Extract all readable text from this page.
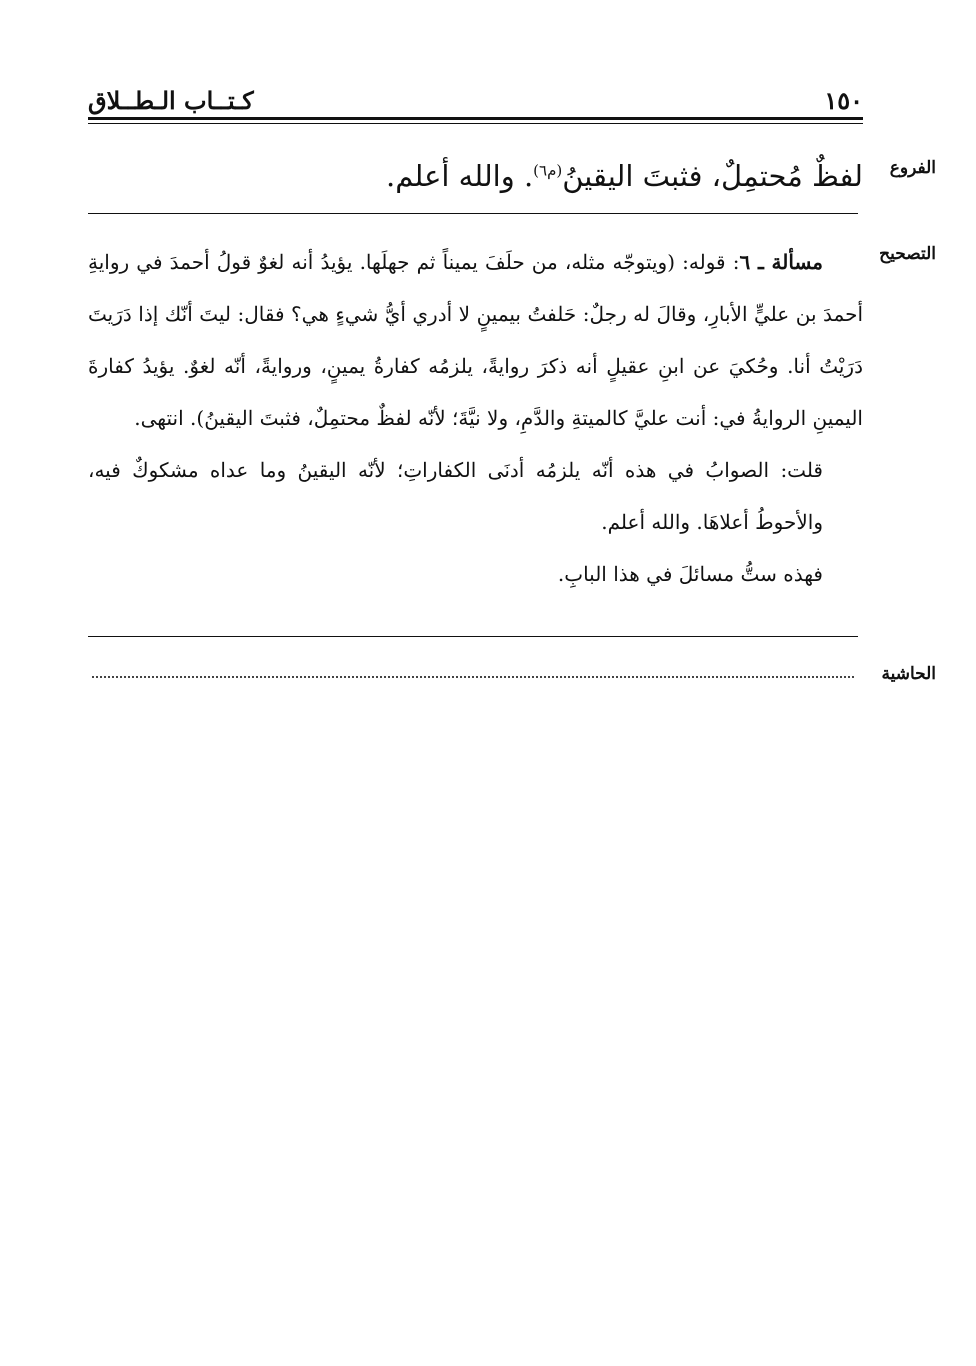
١٥٠
كـتــاب الـطــلاق
الفروع
لفظٌ مُحتمِلٌ، فثبتَ اليقينُ$^{(م٦)}$. والله أعلم.
التصحيح

مسألة ـ ٦: قوله: (ويتوجّه مثله، من حلَفَ يميناً ثم جهلَها. يؤيدُ أنه لغوٌ قولُ أحمدَ في روايةِ أحمدَ بن عليٍّ الأبارِ، وقالَ له رجلٌ: حَلفتُ بيمينٍ لا أدري أيُّ شيءٍ هي؟ فقال: ليتَ أنّك إذا دَرَيتَ دَرَيْتُ أنا. وحُكيَ عن ابنِ عقيلٍ أنه ذكرَ روايةً، يلزمُه كفارةُ يمينٍ، وروايةً، أنّه لغوٌ. يؤيدُ كفارةَ اليمينِ الروايةُ في: أنت عليَّ كالميتةِ والدَّمِ، ولا نيَّةَ؛ لأنّه لفظٌ محتمِلٌ، فثبتَ اليقينُ). انتهى.

قلت: الصوابُ في هذه أنّه يلزمُه أدنَى الكفاراتِ؛ لأنّه اليقينُ وما عداه مشكوكٌ فيه، والأحوطُ أعلاهَا. والله أعلم.

فهذه ستُّ مسائلَ في هذا البابِ.

الحاشية
